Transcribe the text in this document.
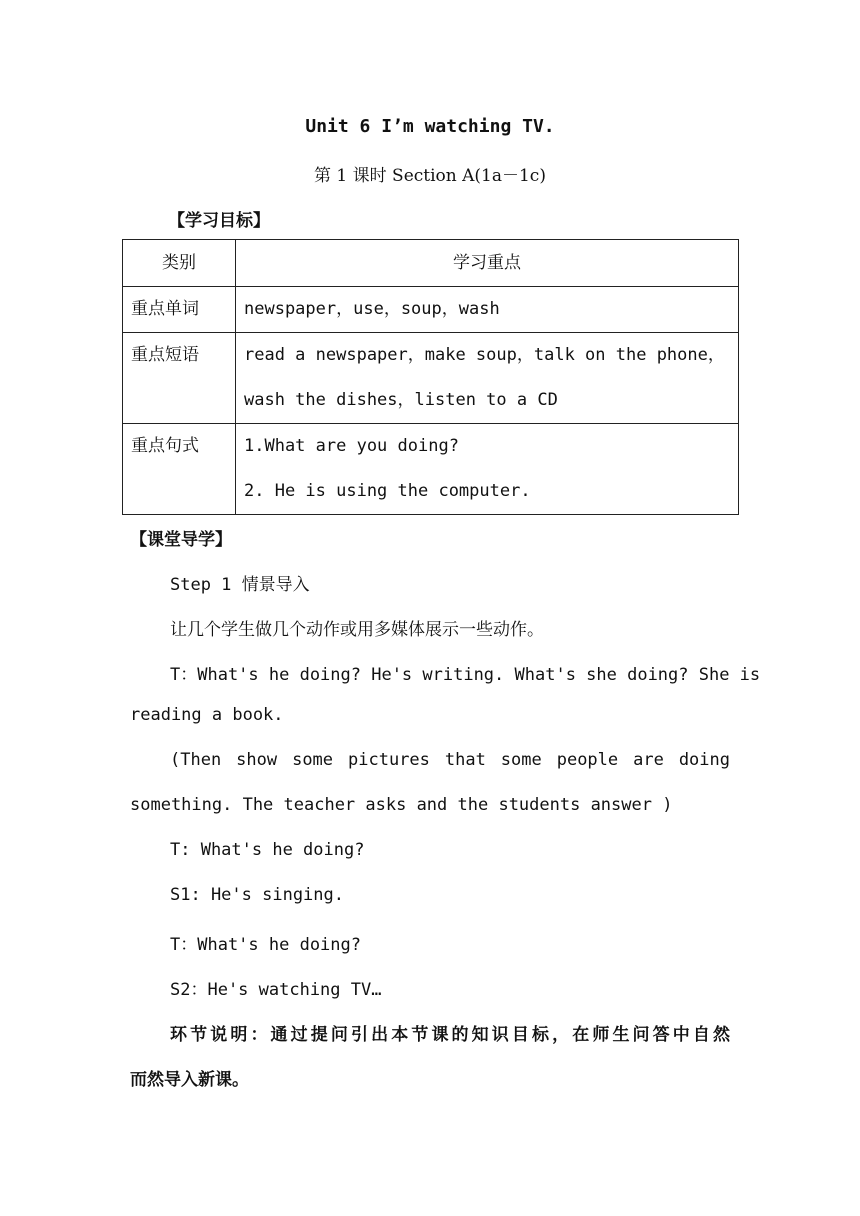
Unit 6 I’m watching TV.
第 1 课时 Section A(1a－1c)
【学习目标】
类别	学习重点

重点单词	newspaper，use，soup，wash

重点短语	read a newspaper，make soup，talk on the phone，
wash the dishes，listen to a CD

重点句式	1.What are you doing?
2. He is using the computer.
【课堂导学】
Step 1 情景导入
让几个学生做几个动作或用多媒体展示一些动作。
T：What's he doing? He's writing. What's she doing? She is
reading a book.
(Then show some pictures that some people are doing
something. The teacher asks and the students answer )
T: What's he doing?
S1: He's singing.
T：What's he doing?
S2：He's watching TV…
环节说明：通过提问引出本节课的知识目标，在师生问答中自然
而然导入新课。
